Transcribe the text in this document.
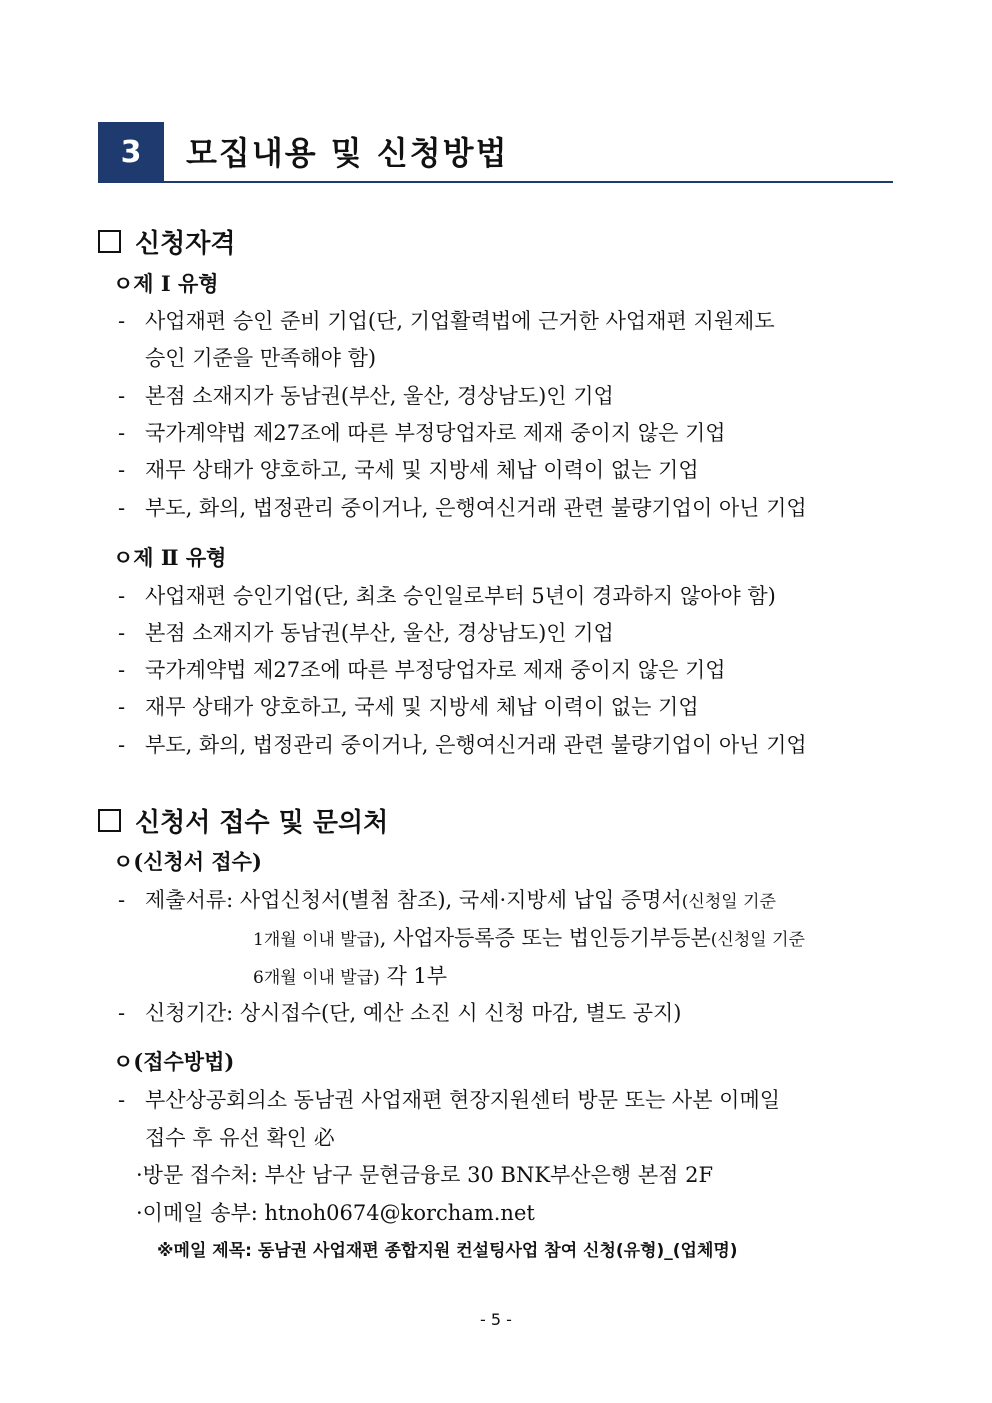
3	모집내용 및 신청방법
신청자격
ㅇ제 Ⅰ 유형
- 사업재편 승인 준비 기업(단, 기업활력법에 근거한 사업재편 지원제도
승인 기준을 만족해야 함)
- 본점 소재지가 동남권(부산, 울산, 경상남도)인 기업
- 국가계약법 제27조에 따른 부정당업자로 제재 중이지 않은 기업
- 재무 상태가 양호하고, 국세 및 지방세 체납 이력이 없는 기업
- 부도, 화의, 법정관리 중이거나, 은행여신거래 관련 불량기업이 아닌 기업
ㅇ제 Ⅱ 유형
- 사업재편 승인기업(단, 최초 승인일로부터 5년이 경과하지 않아야 함)
- 본점 소재지가 동남권(부산, 울산, 경상남도)인 기업
- 국가계약법 제27조에 따른 부정당업자로 제재 중이지 않은 기업
- 재무 상태가 양호하고, 국세 및 지방세 체납 이력이 없는 기업
- 부도, 화의, 법정관리 중이거나, 은행여신거래 관련 불량기업이 아닌 기업
신청서 접수 및 문의처
ㅇ(신청서 접수)
- 제출서류: 사업신청서(별첨 참조), 국세·지방세 납입 증명서(신청일 기준
1개월 이내 발급), 사업자등록증 또는 법인등기부등본(신청일 기준
6개월 이내 발급) 각 1부
- 신청기간: 상시접수(단, 예산 소진 시 신청 마감, 별도 공지)
ㅇ(접수방법)
- 부산상공회의소 동남권 사업재편 현장지원센터 방문 또는 사본 이메일
접수 후 유선 확인 必
·방문 접수처: 부산 남구 문현금융로 30 BNK부산은행 본점 2F
·이메일 송부: htnoh0674@korcham.net
※메일 제목: 동남권 사업재편 종합지원 컨설팅사업 참여 신청(유형)_(업체명)
- 5 -
